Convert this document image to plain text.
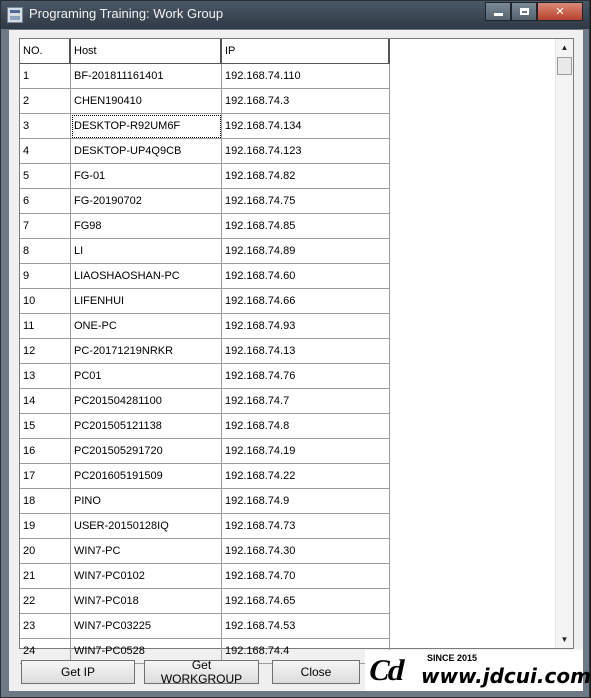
Programing Training: Work Group	✕
NO.	Host	IP
1	BF-201811161401	192.168.74.110
2	CHEN190410	192.168.74.3
3	DESKTOP-R92UM6F	192.168.74.134
4	DESKTOP-UP4Q9CB	192.168.74.123
5	FG-01	192.168.74.82
6	FG-20190702	192.168.74.75
7	FG98	192.168.74.85
8	LI	192.168.74.89
9	LIAOSHAOSHAN-PC	192.168.74.60
10	LIFENHUI	192.168.74.66
11	ONE-PC	192.168.74.93
12	PC-20171219NRKR	192.168.74.13
13	PC01	192.168.74.76
14	PC201504281100	192.168.74.7
15	PC201505121138	192.168.74.8
16	PC201505291720	192.168.74.19
17	PC201605191509	192.168.74.22
18	PINO	192.168.74.9
19	USER-20150128IQ	192.168.74.73
20	WIN7-PC	192.168.74.30
21	WIN7-PC0102	192.168.74.70
22	WIN7-PC018	192.168.74.65
23	WIN7-PC03225	192.168.74.53
24	WIN7-PC0528	192.168.74.4
▲
▼
Get IP	Get WORKGROUP	Close	Cd SINCE 2015
www.jdcui.com
